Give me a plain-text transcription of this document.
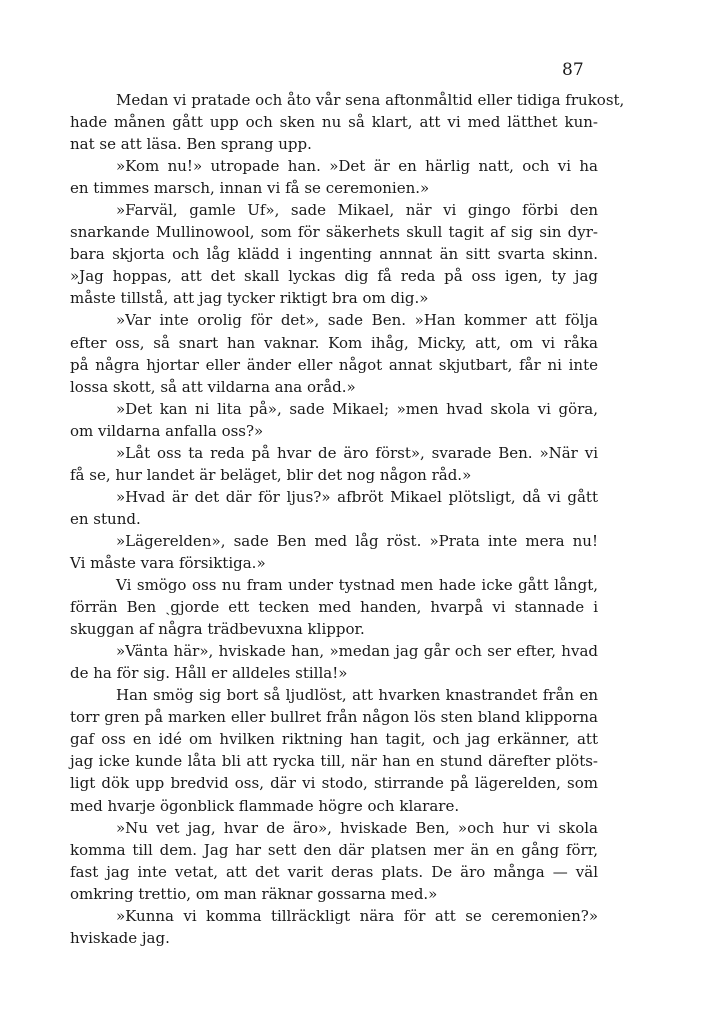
87
Medan vi pratade och åto vår sena aftonmåltid eller tidiga frukost,
hade månen gått upp och sken nu så klart, att vi med lätthet kun-
nat se att läsa. Ben sprang upp.
»Kom nu!» utropade han. »Det är en härlig natt, och vi ha
en timmes marsch, innan vi få se ceremonien.»
»Farväl, gamle Uf», sade Mikael, när vi gingo förbi den
snarkande Mullinowool, som för säkerhets skull tagit af sig sin dyr-
bara skjorta och låg klädd i ingenting annnat än sitt svarta skinn.
»Jag hoppas, att det skall lyckas dig få reda på oss igen, ty jag
måste tillstå, att jag tycker riktigt bra om dig.»
»Var inte orolig för det», sade Ben. »Han kommer att följa
efter oss, så snart han vaknar. Kom ihåg, Micky, att, om vi råka
på några hjortar eller änder eller något annat skjutbart, får ni inte
lossa skott, så att vildarna ana oråd.»
»Det kan ni lita på», sade Mikael; »men hvad skola vi göra,
om vildarna anfalla oss?»
»Låt oss ta reda på hvar de äro först», svarade Ben. »När vi
få se, hur landet är beläget, blir det nog någon råd.»
»Hvad är det där för ljus?» afbröt Mikael plötsligt, då vi gått
en stund.
»Lägerelden», sade Ben med låg röst. »Prata inte mera nu!
Vi måste vara försiktiga.»
Vi smögo oss nu fram under tystnad men hade icke gått långt,
förrän Ben ˎgjorde ett tecken med handen, hvarpå vi stannade i
skuggan af några trädbevuxna klippor.
»Vänta här», hviskade han, »medan jag går och ser efter, hvad
de ha för sig. Håll er alldeles stilla!»
Han smög sig bort så ljudlöst, att hvarken knastrandet från en
torr gren på marken eller bullret från någon lös sten bland klipporna
gaf oss en idé om hvilken riktning han tagit, och jag erkänner, att
jag icke kunde låta bli att rycka till, när han en stund därefter plöts-
ligt dök upp bredvid oss, där vi stodo, stirrande på lägerelden, som
med hvarje ögonblick flammade högre och klarare.
»Nu vet jag, hvar de äro», hviskade Ben, »och hur vi skola
komma till dem. Jag har sett den där platsen mer än en gång förr,
fast jag inte vetat, att det varit deras plats. De äro många — väl
omkring trettio, om man räknar gossarna med.»
»Kunna vi komma tillräckligt nära för att se ceremonien?»
hviskade jag.
